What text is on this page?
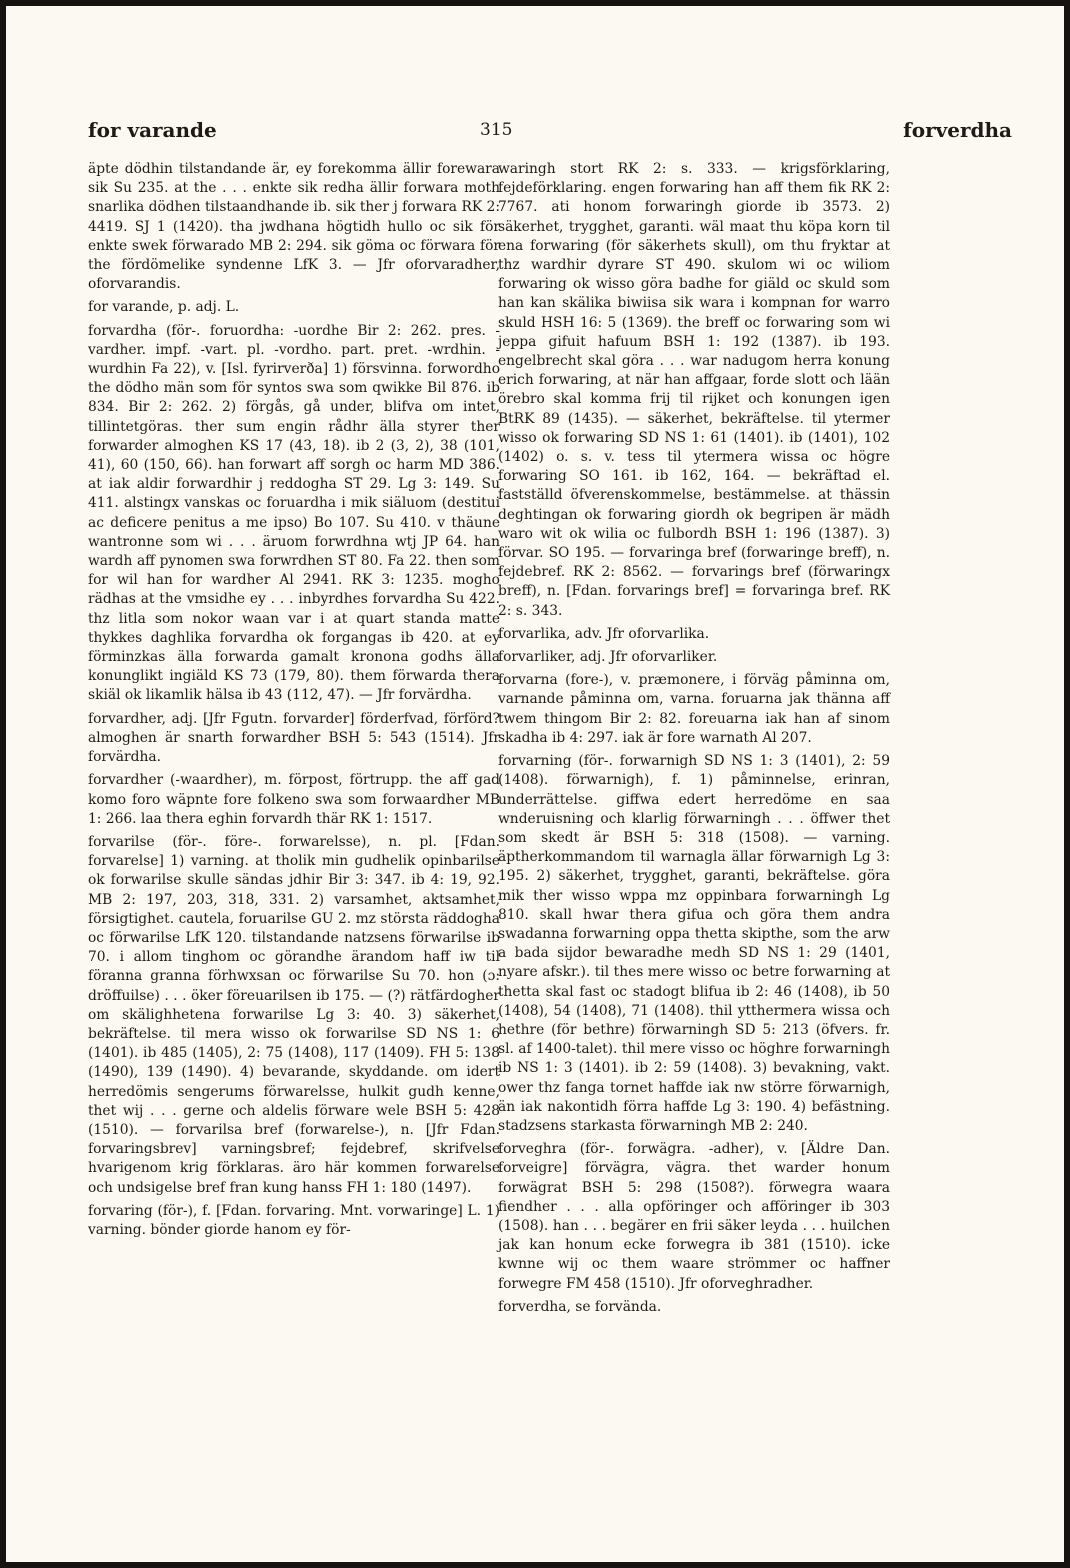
for varande	315	forverdha

äpte dödhin tilstandande är, ey forekomma ällir forewara sik Su 235. at the . . . enkte sik redha ällir forwara moth snarlika dödhen tilstaandhande ib. sik ther j forwara RK 2: 4419. SJ 1 (1420). tha jwdhana högtidh hullo oc sik för enkte swek förwarado MB 2: 294. sik göma oc förwara för the fördömelike syndenne LfK 3. — Jfr oforvaradher, oforvarandis.

for varande, p. adj. L.

forvardha (för-. foruordha: -uordhe Bir 2: 262. pres. -vardher. impf. -vart. pl. -vordho. part. pret. -wrdhin. -wurdhin Fa 22), v. [Isl. fyrirverða] 1) försvinna. forwordho the dödho män som för syntos swa som qwikke Bil 876. ib 834. Bir 2: 262. 2) förgås, gå under, blifva om intet, tillintetgöras. ther sum engin rådhr älla styrer ther forwarder almoghen KS 17 (43, 18). ib 2 (3, 2), 38 (101, 41), 60 (150, 66). han forwart aff sorgh oc harm MD 386. at iak aldir forwardhir j reddogha ST 29. Lg 3: 149. Su 411. alstingx vanskas oc foruardha i mik siäluom (destitui ac deficere penitus a me ipso) Bo 107. Su 410. v thäune wantronne som wi . . . äruom forwrdhna wtj JP 64. han wardh aff pynomen swa forwrdhen ST 80. Fa 22. then som for wil han for wardher Al 2941. RK 3: 1235. mogho rädhas at the vmsidhe ey . . . inbyrdhes forvardha Su 422. thz litla som nokor waan var i at quart standa matte thykkes daghlika forvardha ok forgangas ib 420. at ey förminzkas älla forwarda gamalt kronona godhs älla konunglikt ingiäld KS 73 (179, 80). them förwarda thera skiäl ok likamlik hälsa ib 43 (112, 47). — Jfr forvärdha.

forvardher, adj. [Jfr Fgutn. forvarder] förderfvad, förförd? almoghen är snarth forwardher BSH 5: 543 (1514). Jfr forvärdha.

forvardher (-waardher), m. förpost, förtrupp. the aff gad komo foro wäpnte fore folkeno swa som forwaardher MB 1: 266. laa thera eghin forvardh thär RK 1: 1517.

forvarilse (för-. före-. forwarelsse), n. pl. [Fdan. forvarelse] 1) varning. at tholik min gudhelik opinbarilse ok forwarilse skulle sändas jdhir Bir 3: 347. ib 4: 19, 92. MB 2: 197, 203, 318, 331. 2) varsamhet, aktsamhet, försigtighet. cautela, foruarilse GU 2. mz största räddogha oc förwarilse LfK 120. tilstandande natzsens förwarilse ib 70. i allom tinghom oc görandhe ärandom haff iw til föranna granna förhwxsan oc förwarilse Su 70. hon (ɔ: dröffuilse) . . . öker föreuarilsen ib 175. — (?) rätfärdogher om skälighhetena forwarilse Lg 3: 40. 3) säkerhet, bekräftelse. til mera wisso ok forwarilse SD NS 1: 6 (1401). ib 485 (1405), 2: 75 (1408), 117 (1409). FH 5: 138 (1490), 139 (1490). 4) bevarande, skyddande. om idert herredömis sengerums förwarelsse, hulkit gudh kenne, thet wij . . . gerne och aldelis förware wele BSH 5: 428 (1510). — forvarilsa bref (forwarelse-), n. [Jfr Fdan. forvaringsbrev] varningsbref; fejdebref, skrifvelse hvarigenom krig förklaras. äro här kommen forwarelse och undsigelse bref fran kung hanss FH 1: 180 (1497).

forvaring (för-), f. [Fdan. forvaring. Mnt. vorwaringe] L. 1) varning. bönder giorde hanom ey för-

waringh stort RK 2: s. 333. — krigsförklaring, fejdeförklaring. engen forwaring han aff them fik RK 2: 7767. ati honom forwaringh giorde ib 3573. 2) säkerhet, trygghet, garanti. wäl maat thu köpa korn til ena forwaring (för säkerhets skull), om thu fryktar at thz wardhir dyrare ST 490. skulom wi oc wiliom forwaring ok wisso göra badhe for giäld oc skuld som han kan skälika biwiisa sik wara i kompnan for warro skuld HSH 16: 5 (1369). the breff oc forwaring som wi jeppa gifuit hafuum BSH 1: 192 (1387). ib 193. engelbrecht skal göra . . . war nadugom herra konung erich forwaring, at när han affgaar, forde slott och lään örebro skal komma frij til rijket och konungen igen BtRK 89 (1435). — säkerhet, bekräftelse. til ytermer wisso ok forwaring SD NS 1: 61 (1401). ib (1401), 102 (1402) o. s. v. tess til ytermera wissa oc högre forwaring SO 161. ib 162, 164. — bekräftad el. fastställd öfverenskommelse, bestämmelse. at thässin deghtingan ok forwaring giordh ok begripen är mädh waro wit ok wilia oc fulbordh BSH 1: 196 (1387). 3) förvar. SO 195. — forvaringa bref (forwaringe breff), n. fejdebref. RK 2: 8562. — forvarings bref (förwaringx breff), n. [Fdan. forvarings bref] = forvaringa bref. RK 2: s. 343.

forvarlika, adv. Jfr oforvarlika.

forvarliker, adj. Jfr oforvarliker.

forvarna (fore-), v. præmonere, i förväg påminna om, varnande påminna om, varna. foruarna jak thänna aff twem thingom Bir 2: 82. foreuarna iak han af sinom skadha ib 4: 297. iak är fore warnath Al 207.

forvarning (för-. forwarnigh SD NS 1: 3 (1401), 2: 59 (1408). förwarnigh), f. 1) påminnelse, erinran, underrättelse. giffwa edert herredöme en saa wnderuisning och klarlig förwarningh . . . öffwer thet som skedt är BSH 5: 318 (1508). — varning. äptherkommandom til warnagla ällar förwarnigh Lg 3: 195. 2) säkerhet, trygghet, garanti, bekräftelse. göra mik ther wisso wppa mz oppinbara forwarningh Lg 810. skall hwar thera gifua och göra them andra swadanna forwarning oppa thetta skipthe, som the arw a bada sijdor bewaradhe medh SD NS 1: 29 (1401, nyare afskr.). til thes mere wisso oc betre forwarning at thetta skal fast oc stadogt blifua ib 2: 46 (1408), ib 50 (1408), 54 (1408), 71 (1408). thil ytthermera wissa och hethre (för bethre) förwarningh SD 5: 213 (öfvers. fr. sl. af 1400-talet). thil mere visso oc höghre forwarningh ib NS 1: 3 (1401). ib 2: 59 (1408). 3) bevakning, vakt. ower thz fanga tornet haffde iak nw större förwarnigh, än iak nakontidh förra haffde Lg 3: 190. 4) befästning. stadzsens starkasta förwarningh MB 2: 240.

forveghra (för-. forwägra. -adher), v. [Äldre Dan. forveigre] förvägra, vägra. thet warder honum forwägrat BSH 5: 298 (1508?). förwegra waara fiendher . . . alla opföringer och afföringer ib 303 (1508). han . . . begärer en frii säker leyda . . . huilchen jak kan honum ecke forwegra ib 381 (1510). icke kwnne wij oc them waare strömmer oc haffner forwegre FM 458 (1510). Jfr oforveghradher.

forverdha, se forvända.
